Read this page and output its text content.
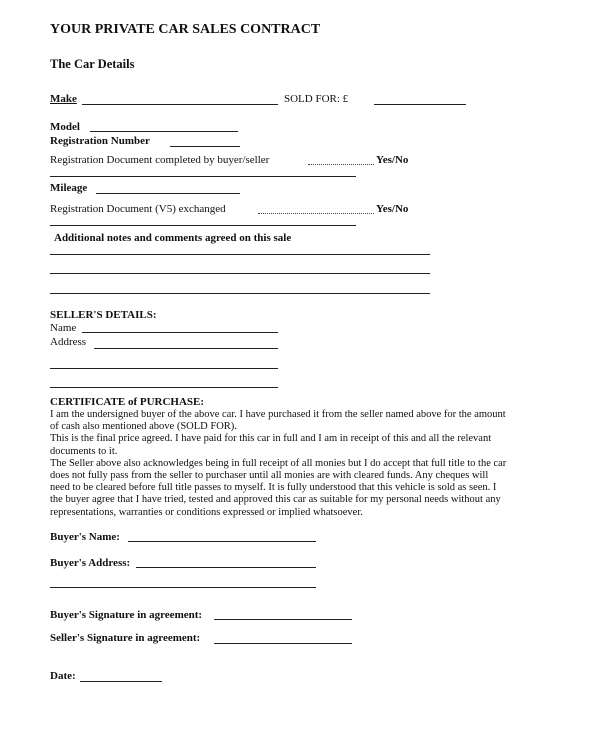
YOUR PRIVATE CAR SALES CONTRACT
The Car Details
Make	SOLD FOR: £
Model
Registration Number
Registration Document completed by buyer/seller	Yes/No
Mileage
Registration Document (V5) exchanged	Yes/No
Additional notes and comments agreed on this sale
SELLER'S DETAILS:
Name
Address
CERTIFICATE of PURCHASE:
I am the undersigned buyer of the above car. I have purchased it from the seller named above for the amount
of cash also mentioned above (SOLD FOR).
This is the final price agreed. I have paid for this car in full and I am in receipt of this and all the relevant
documents to it.
The Seller above also acknowledges being in full receipt of all monies but I do accept that full title to the car
does not fully pass from the seller to purchaser until all monies are with cleared funds. Any cheques will
need to be cleared before full title passes to myself. It is fully understood that this vehicle is sold as seen. I
the buyer agree that I have tried, tested and approved this car as suitable for my personal needs without any
representations, warranties or conditions expressed or implied whatsoever.
Buyer's Name:
Buyer's Address:
Buyer's Signature in agreement:
Seller's Signature in agreement:
Date:
